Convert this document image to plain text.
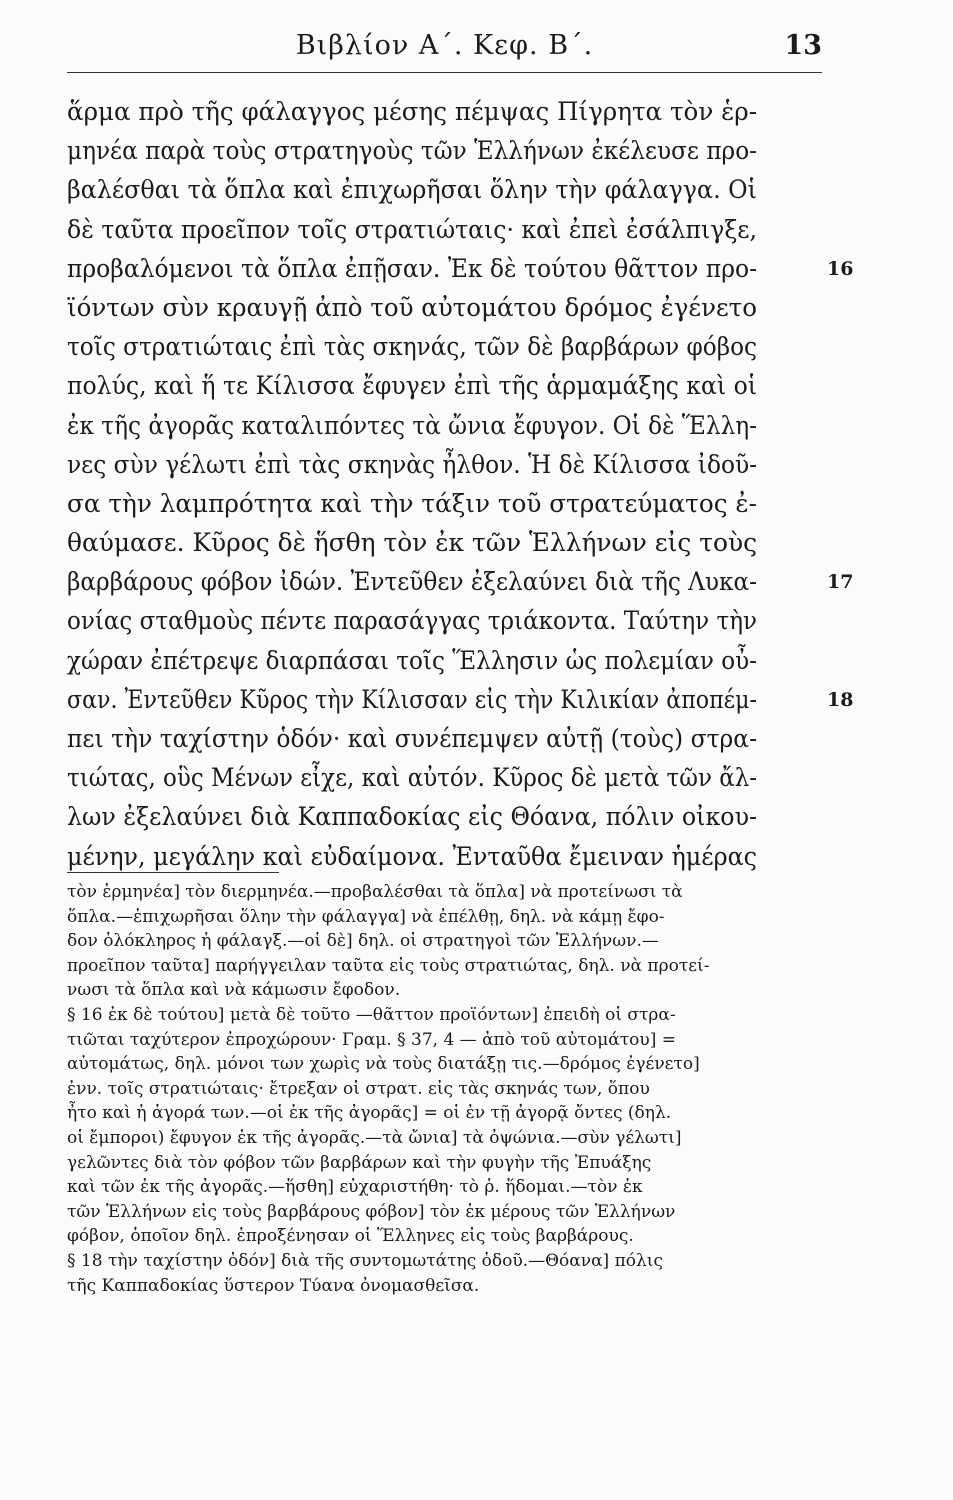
Βιβλίον Α΄. Κεφ. Β΄.	13
ἅρμα πρὸ τῆς φάλαγγος μέσης πέμψας Πίγρητα τὸν ἑρ-
μηνέα παρὰ τοὺς στρατηγοὺς τῶν Ἑλλήνων ἐκέλευσε προ-
βαλέσθαι τὰ ὅπλα καὶ ἐπιχωρῆσαι ὅλην τὴν φάλαγγα. Οἱ
δὲ ταῦτα προεῖπον τοῖς στρατιώταις· καὶ ἐπεὶ ἐσάλπιγξε,
προβαλόμενοι τὰ ὅπλα ἐπῇσαν. Ἐκ δὲ τούτου θᾶττον προ-	16
ϊόντων σὺν κραυγῇ ἀπὸ τοῦ αὐτομάτου δρόμος ἐγένετο
τοῖς στρατιώταις ἐπὶ τὰς σκηνάς, τῶν δὲ βαρβάρων φόβος
πολύς, καὶ ἥ τε Κίλισσα ἔφυγεν ἐπὶ τῆς ἁρμαμάξης καὶ οἱ
ἐκ τῆς ἀγορᾶς καταλιπόντες τὰ ὤνια ἔφυγον. Οἱ δὲ Ἕλλη-
νες σὺν γέλωτι ἐπὶ τὰς σκηνὰς ἦλθον. Ἡ δὲ Κίλισσα ἰδοῦ-
σα τὴν λαμπρότητα καὶ τὴν τάξιν τοῦ στρατεύματος ἐ-
θαύμασε. Κῦρος δὲ ἥσθη τὸν ἐκ τῶν Ἑλλήνων εἰς τοὺς
βαρβάρους φόβον ἰδών. Ἐντεῦθεν ἐξελαύνει διὰ τῆς Λυκα-	17
ονίας σταθμοὺς πέντε παρασάγγας τριάκοντα. Ταύτην τὴν
χώραν ἐπέτρεψε διαρπάσαι τοῖς Ἕλλησιν ὡς πολεμίαν οὖ-
σαν. Ἐντεῦθεν Κῦρος τὴν Κίλισσαν εἰς τὴν Κιλικίαν ἀποπέμ-	18
πει τὴν ταχίστην ὁδόν· καὶ συνέπεμψεν αὐτῇ (τοὺς) στρα-
τιώτας, οὓς Μένων εἶχε, καὶ αὐτόν. Κῦρος δὲ μετὰ τῶν ἄλ-
λων ἐξελαύνει διὰ Καππαδοκίας εἰς Θόανα, πόλιν οἰκου-
μένην, μεγάλην καὶ εὐδαίμονα. Ἐνταῦθα ἔμειναν ἡμέρας
τὸν ἑρμηνέα] τὸν διερμηνέα.—προβαλέσθαι τὰ ὅπλα] νὰ προτείνωσι τὰ
ὅπλα.—ἐπιχωρῆσαι ὅλην τὴν φάλαγγα] νὰ ἐπέλθῃ, δηλ. νὰ κάμῃ ἔφο-
δον ὁλόκληρος ἡ φάλαγξ.—οἱ δὲ] δηλ. οἱ στρατηγοὶ τῶν Ἑλλήνων.—
προεῖπον ταῦτα] παρήγγειλαν ταῦτα εἰς τοὺς στρατιώτας, δηλ. νὰ προτεί-
νωσι τὰ ὅπλα καὶ νὰ κάμωσιν ἔφοδον.
§ 16 ἐκ δὲ τούτου] μετὰ δὲ τοῦτο —θᾶττον προϊόντων] ἐπειδὴ οἱ στρα-
τιῶται ταχύτερον ἐπροχώρουν· Γραμ. § 37, 4 — ἀπὸ τοῦ αὐτομάτου] =
αὐτομάτως, δηλ. μόνοι των χωρὶς νὰ τοὺς διατάξῃ τις.—δρόμος ἐγένετο]
ἐνν. τοῖς στρατιώταις· ἔτρεξαν οἱ στρατ. εἰς τὰς σκηνάς των, ὅπου
ἦτο καὶ ἡ ἀγορά των.—οἱ ἐκ τῆς ἀγορᾶς] = οἱ ἐν τῇ ἀγορᾷ ὄντες (δηλ.
οἱ ἔμποροι) ἔφυγον ἐκ τῆς ἀγορᾶς.—τὰ ὤνια] τὰ ὀψώνια.—σὺν γέλωτι]
γελῶντες διὰ τὸν φόβον τῶν βαρβάρων καὶ τὴν φυγὴν τῆς Ἐπυάξης
καὶ τῶν ἐκ τῆς ἀγορᾶς.—ἥσθη] εὐχαριστήθη· τὸ ῥ. ἥδομαι.—τὸν ἐκ
τῶν Ἑλλήνων εἰς τοὺς βαρβάρους φόβον] τὸν ἐκ μέρους τῶν Ἑλλήνων
φόβον, ὁποῖον δηλ. ἐπροξένησαν οἱ Ἕλληνες εἰς τοὺς βαρβάρους.
§ 18 τὴν ταχίστην ὁδόν] διὰ τῆς συντομωτάτης ὁδοῦ.—Θόανα] πόλις
τῆς Καππαδοκίας ὕστερον Τύανα ὀνομασθεῖσα.
